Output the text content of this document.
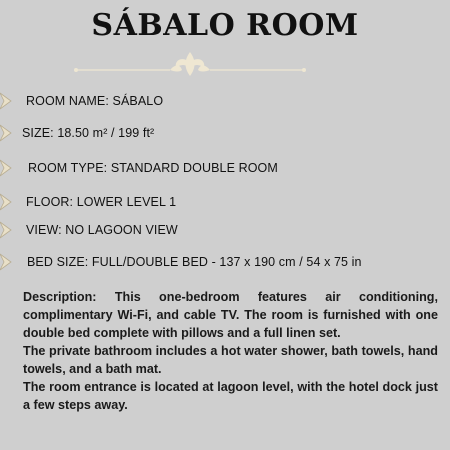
SÁBALO ROOM
ROOM NAME: SÁBALO
SIZE: 18.50 m² / 199 ft²
ROOM TYPE: STANDARD DOUBLE ROOM
FLOOR: LOWER LEVEL 1
VIEW: NO LAGOON VIEW
BED SIZE: FULL/DOUBLE BED - 137 x 190 cm / 54 x 75 in

Description: This one-bedroom features air conditioning, complimentary Wi-Fi, and cable TV. The room is furnished with one double bed complete with pillows and a full linen set.

The private bathroom includes a hot water shower, bath towels, hand towels, and a bath mat.

The room entrance is located at lagoon level, with the hotel dock just a few steps away.
